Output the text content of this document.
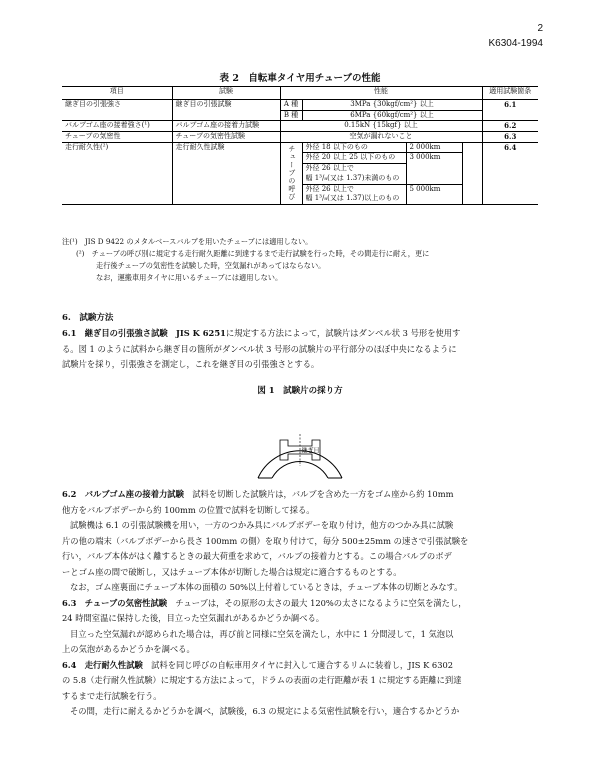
2
K6304-1994
表 2　自転車タイヤ用チューブの性能
項目	試験	性能				適用試験箇条
継ぎ目の引張強さ	継ぎ目の引張試験	A 種	3MPa {30kgf/cm²} 以上			6.1
		B 種	6MPa {60kgf/cm²} 以上			
バルブゴム座の接着強さ(¹)	バルブゴム座の接着力試験	0.15kN {15kgf} 以上				6.2
チューブの気密性	チューブの気密性試験	空気が漏れないこと				6.3
走行耐久性(²)	走行耐久性試験	チューブの呼び	外径 18 以下のもの	2 000km		6.4
			外径 20 以上 25 以下のもの	3 000km		
			外径 26 以上で			
			幅 1³/₈(又は 1.37)未満のもの			
			外径 26 以上で	5 000km		
			幅 1³/₈(又は 1.37)以上のもの			
注(¹)　JIS D 9422 のメタルベースバルブを用いたチューブには適用しない。
(²)　チューブの呼び別に規定する走行耐久距離に到達するまで走行試験を行った時，その間走行に耐え，更に
走行後チューブの気密性を試験した時，空気漏れがあってはならない。
なお，運搬車用タイヤに用いるチューブには適用しない。
6.　試験方法
6.1　継ぎ目の引張強さ試験　JIS K 6251に規定する方法によって，試験片はダンベル状 3 号形を使用す
る。図 1 のように試料から継ぎ目の箇所がダンベル状 3 号形の試験片の平行部分のほぼ中央になるように
試験片を採り，引張強さを測定し，これを継ぎ目の引張強さとする。
図 1　試験片の採り方
継ぎ目
6.2　バルブゴム座の接着力試験　 試料を切断した試験片は，バルブを含めた一方をゴム座から約 10mm
他方をバルブボデーから約 100mm の位置で試料を切断して採る。
試験機は 6.1 の引張試験機を用い，一方のつかみ具にバルブボデーを取り付け，他方のつかみ具に試験
片の他の端末（バルブボデーから長さ 100mm の側）を取り付けて，毎分 500±25mm の速さで引張試験を
行い，バルブ本体がはく離するときの最大荷重を求めて，バルブの接着力とする。この場合バルブのボデ
ーとゴム座の間で破断し，又はチューブ本体が切断した場合は規定に適合するものとする。
なお，ゴム座裏面にチューブ本体の面積の 50%以上付着しているときは，チューブ本体の切断とみなす。
6.3　チューブの気密性試験　 チューブは，その原形の太さの最大 120%の太さになるように空気を満たし，
24 時間室温に保持した後，目立った空気漏れがあるかどうか調べる。
目立った空気漏れが認められた場合は，再び前と同様に空気を満たし，水中に 1 分間浸して，1 気泡以
上の気泡があるかどうかを調べる。
6.4　走行耐久性試験　 試料を同じ呼びの自転車用タイヤに封入して適合するリムに装着し，JIS K 6302
の 5.8（走行耐久性試験）に規定する方法によって，ドラムの表面の走行距離が表 1 に規定する距離に到達
するまで走行試験を行う。
その間，走行に耐えるかどうかを調べ，試験後，6.3 の規定による気密性試験を行い，適合するかどうか
